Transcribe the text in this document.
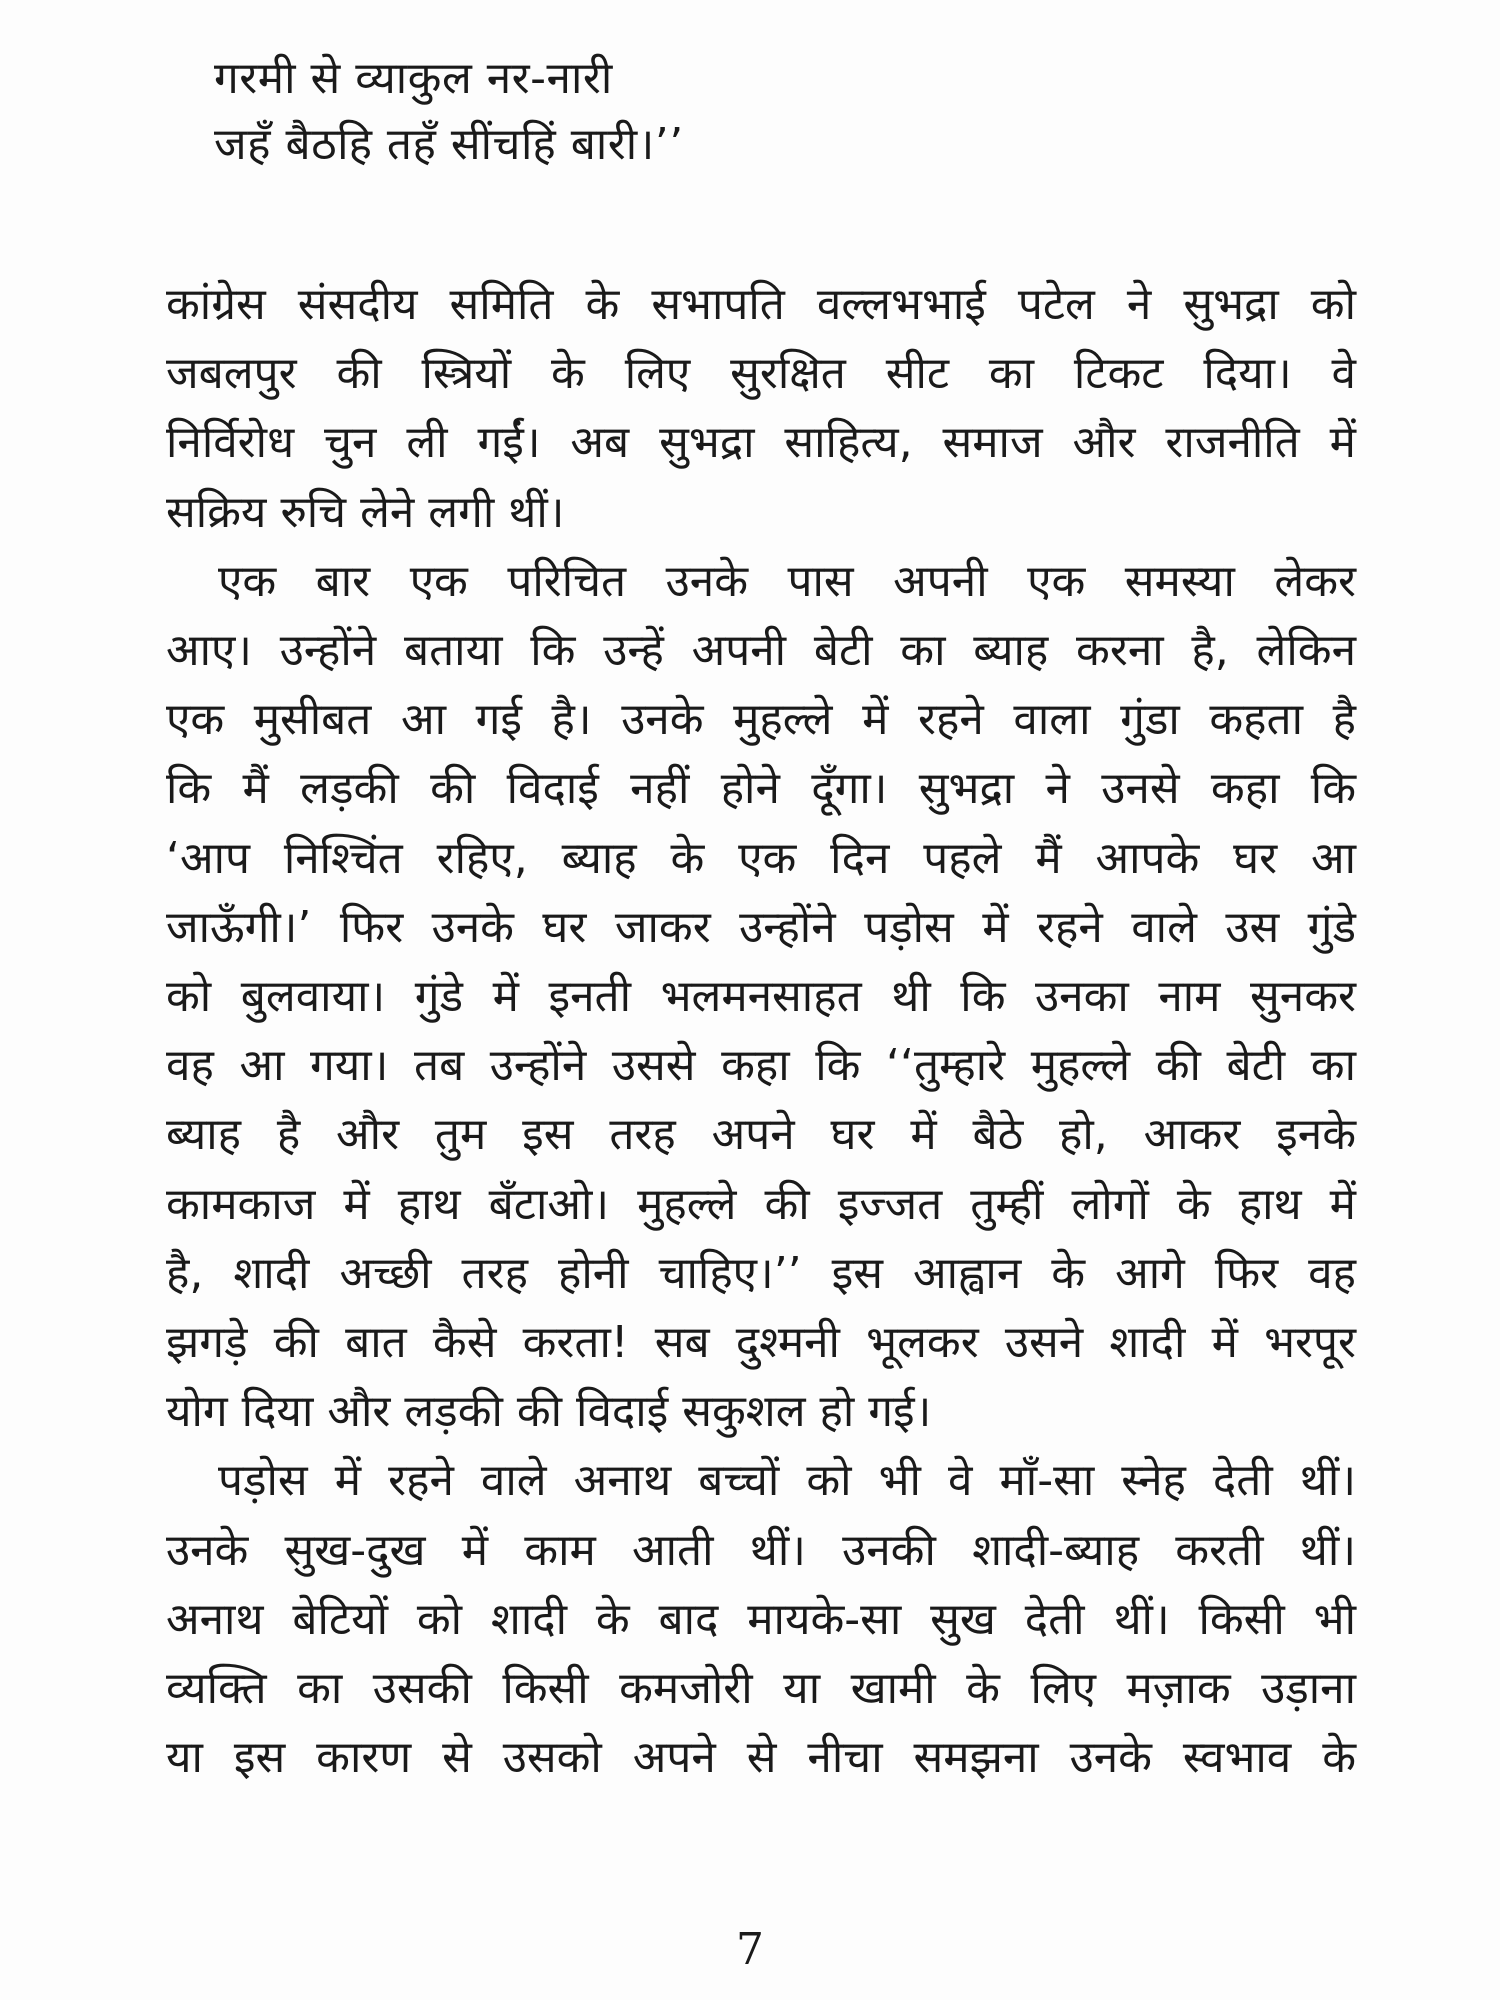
गरमी से व्याकुल नर-नारी
जहँ बैठहि तहँ सींचहिं बारी।’’
कांग्रेस संसदीय समिति के सभापति वल्लभभाई पटेल ने सुभद्रा को
जबलपुर की स्त्रियों के लिए सुरक्षित सीट का टिकट दिया। वे
निर्विरोध चुन ली गईं। अब सुभद्रा साहित्य, समाज और राजनीति में
सक्रिय रुचि लेने लगी थीं।
एक बार एक परिचित उनके पास अपनी एक समस्या लेकर
आए। उन्होंने बताया कि उन्हें अपनी बेटी का ब्याह करना है, लेकिन
एक मुसीबत आ गई है। उनके मुहल्ले में रहने वाला गुंडा कहता है
कि मैं लड़की की विदाई नहीं होने दूँगा। सुभद्रा ने उनसे कहा कि
‘आप निश्चिंत रहिए, ब्याह के एक दिन पहले मैं आपके घर आ
जाऊँगी।’ फिर उनके घर जाकर उन्होंने पड़ोस में रहने वाले उस गुंडे
को बुलवाया। गुंडे में इनती भलमनसाहत थी कि उनका नाम सुनकर
वह आ गया। तब उन्होंने उससे कहा कि ‘‘तुम्हारे मुहल्ले की बेटी का
ब्याह है और तुम इस तरह अपने घर में बैठे हो, आकर इनके
कामकाज में हाथ बँटाओ। मुहल्ले की इज्जत तुम्हीं लोगों के हाथ में
है, शादी अच्छी तरह होनी चाहिए।’’ इस आह्वान के आगे फिर वह
झगड़े की बात कैसे करता! सब दुश्मनी भूलकर उसने शादी में भरपूर
योग दिया और लड़की की विदाई सकुशल हो गई।
पड़ोस में रहने वाले अनाथ बच्चों को भी वे माँ-सा स्नेह देती थीं।
उनके सुख-दुख में काम आती थीं। उनकी शादी-ब्याह करती थीं।
अनाथ बेटियों को शादी के बाद मायके-सा सुख देती थीं। किसी भी
व्यक्ति का उसकी किसी कमजोरी या खामी के लिए मज़ाक उड़ाना
या इस कारण से उसको अपने से नीचा समझना उनके स्वभाव के
7
